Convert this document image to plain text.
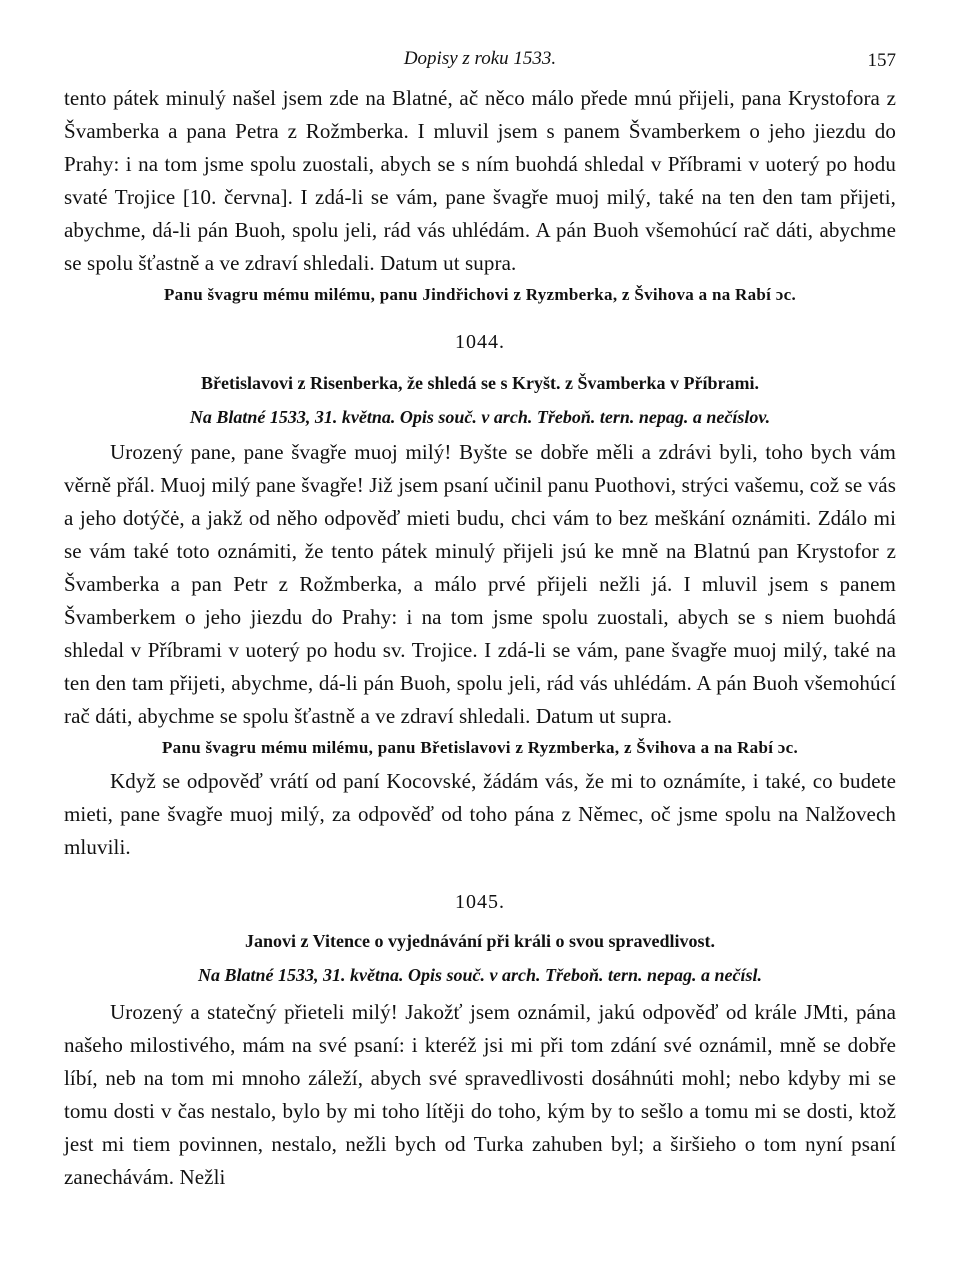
Dopisy z roku 1533.	157

tento pátek minulý našel jsem zde na Blatné, ač něco málo přede mnú přijeli, pana Krystofora z Švamberka a pana Petra z Rožmberka. I mluvil jsem s panem Švamberkem o jeho jiezdu do Prahy: i na tom jsme spolu zuostali, abych se s ním buohdá shledal v Příbrami v uoterý po hodu svaté Trojice [10. června]. I zdá-li se vám, pane švagře muoj milý, také na ten den tam přijeti, abychme, dá-li pán Buoh, spolu jeli, rád vás uhlédám. A pán Buoh všemohúcí rač dáti, abychme se spolu šťastně a ve zdraví shledali. Datum ut supra.

Panu švagru mému milému, panu Jindřichovi z Ryzmberka, z Švihova a na Rabí ɔc.

1044.
Břetislavovi z Risenberka, že shledá se s Kryšt. z Švamberka v Příbrami.
Na Blatné 1533, 31. května. Opis souč. v arch. Třeboň. tern. nepag. a nečíslov.

Urozený pane, pane švagře muoj milý! Byšte se dobře měli a zdrávi byli, toho bych vám věrně přál. Muoj milý pane švagře! Již jsem psaní učinil panu Puothovi, strýci vašemu, což se vás a jeho dotýčė, a jakž od něho odpověď mieti budu, chci vám to bez meškání oznámiti. Zdálo mi se vám také toto oznámiti, že tento pátek minulý přijeli jsú ke mně na Blatnú pan Krystofor z Švamberka a pan Petr z Rožmberka, a málo prvé přijeli nežli já. I mluvil jsem s panem Švamberkem o jeho jiezdu do Prahy: i na tom jsme spolu zuostali, abych se s niem buohdá shledal v Příbrami v uoterý po hodu sv. Trojice. I zdá-li se vám, pane švagře muoj milý, také na ten den tam přijeti, abychme, dá-li pán Buoh, spolu jeli, rád vás uhlédám. A pán Buoh všemohúcí rač dáti, abychme se spolu šťastně a ve zdraví shledali. Datum ut supra.

Panu švagru mému milému, panu Břetislavovi z Ryzmberka, z Švihova a na Rabí ɔc.

Když se odpověď vrátí od paní Kocovské, žádám vás, že mi to oznámíte, i také, co budete mieti, pane švagře muoj milý, za odpověď od toho pána z Němec, oč jsme spolu na Nalžovech mluvili.

1045.
Janovi z Vitence o vyjednávání při králi o svou spravedlivost.
Na Blatné 1533, 31. května. Opis souč. v arch. Třeboň. tern. nepag. a nečísl.

Urozený a statečný přieteli milý! Jakožť jsem oznámil, jakú odpověď od krále JMti, pána našeho milostivého, mám na své psaní: i kteréž jsi mi při tom zdání své oznámil, mně se dobře líbí, neb na tom mi mnoho záleží, abych své spravedlivosti dosáhnúti mohl; nebo kdyby mi se tomu dosti v čas nestalo, bylo by mi toho lítěji do toho, kým by to sešlo a tomu mi se dosti, ktož jest mi tiem povinnen, nestalo, nežli bych od Turka zahuben byl; a širšieho o tom nyní psaní zanechávám. Nežli
